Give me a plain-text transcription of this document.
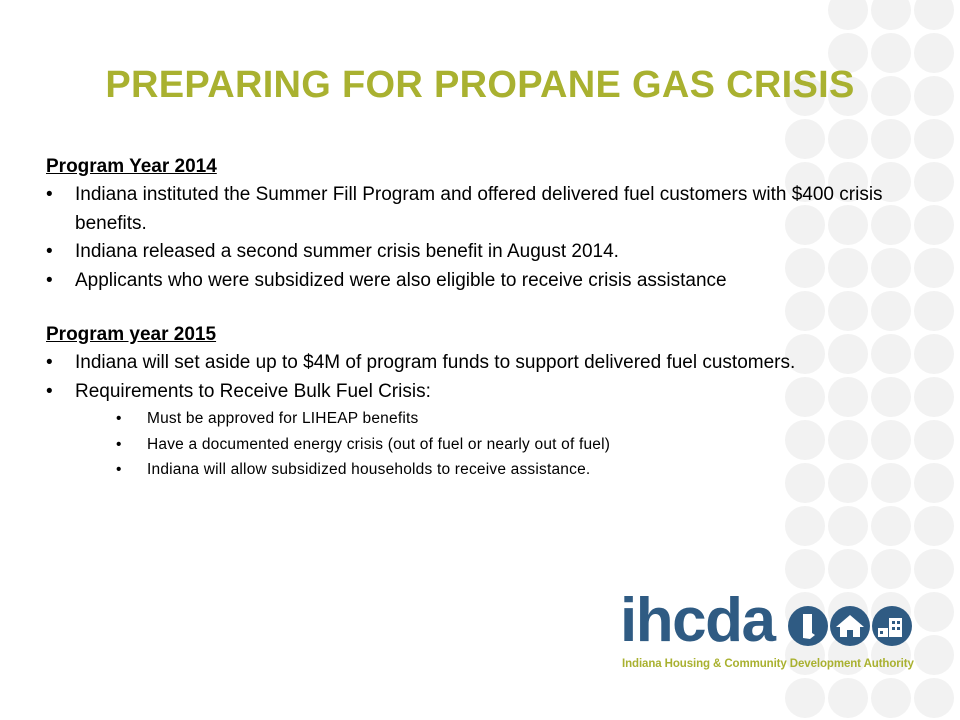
PREPARING FOR PROPANE GAS CRISIS

Program Year 2014

• Indiana instituted the Summer Fill Program and offered delivered fuel customers with $400 crisis benefits.

• Indiana released a second summer crisis benefit in August 2014.

• Applicants who were subsidized were also eligible to receive crisis assistance

Program year 2015

• Indiana will set aside up to $4M of program funds to support delivered fuel customers.

• Requirements to Receive Bulk Fuel Crisis:

• Must be approved for LIHEAP benefits

• Have a documented energy crisis (out of fuel or nearly out of fuel)

• Indiana will allow subsidized households to receive assistance.

ihcda
Indiana Housing & Community Development Authority
